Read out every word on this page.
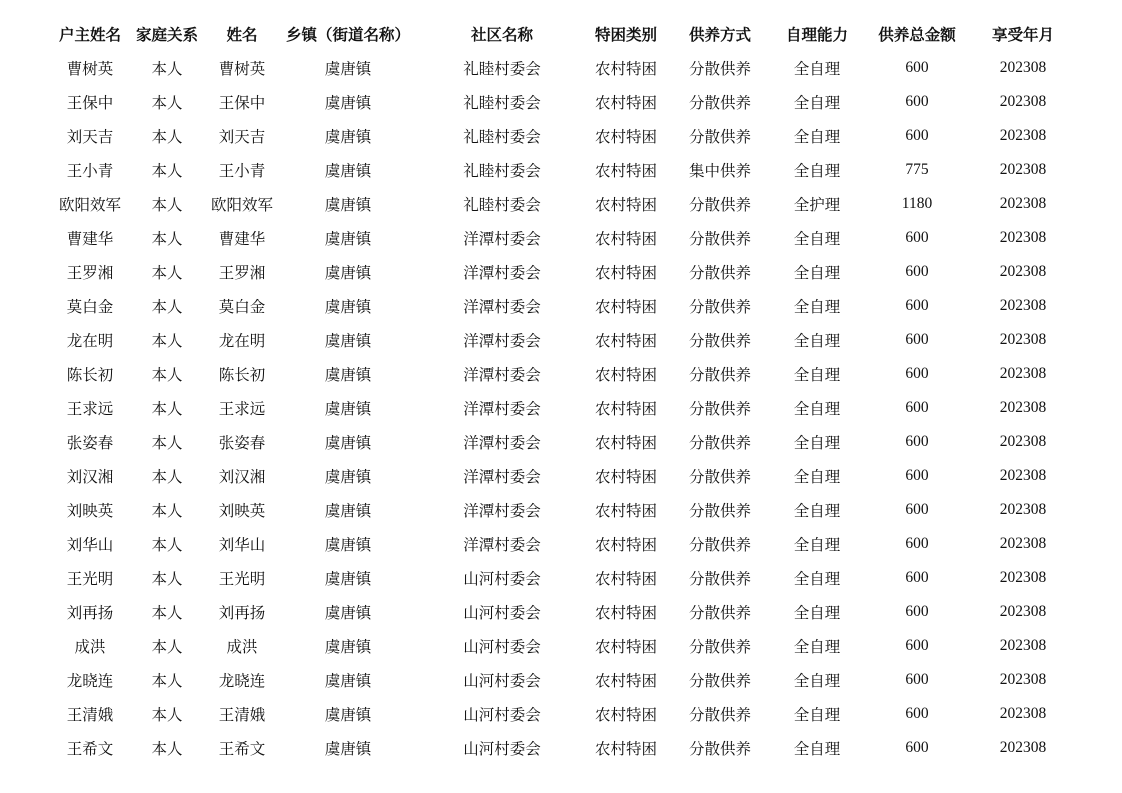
户主姓名	家庭关系	姓名	乡镇（街道名称）	社区名称	特困类别	供养方式	自理能力	供养总金额	享受年月
曹树英	本人	曹树英	虞唐镇	礼睦村委会	农村特困	分散供养	全自理	600	202308
王保中	本人	王保中	虞唐镇	礼睦村委会	农村特困	分散供养	全自理	600	202308
刘天吉	本人	刘天吉	虞唐镇	礼睦村委会	农村特困	分散供养	全自理	600	202308
王小青	本人	王小青	虞唐镇	礼睦村委会	农村特困	集中供养	全自理	775	202308
欧阳效军	本人	欧阳效军	虞唐镇	礼睦村委会	农村特困	分散供养	全护理	1180	202308
曹建华	本人	曹建华	虞唐镇	洋潭村委会	农村特困	分散供养	全自理	600	202308
王罗湘	本人	王罗湘	虞唐镇	洋潭村委会	农村特困	分散供养	全自理	600	202308
莫白金	本人	莫白金	虞唐镇	洋潭村委会	农村特困	分散供养	全自理	600	202308
龙在明	本人	龙在明	虞唐镇	洋潭村委会	农村特困	分散供养	全自理	600	202308
陈长初	本人	陈长初	虞唐镇	洋潭村委会	农村特困	分散供养	全自理	600	202308
王求远	本人	王求远	虞唐镇	洋潭村委会	农村特困	分散供养	全自理	600	202308
张姿春	本人	张姿春	虞唐镇	洋潭村委会	农村特困	分散供养	全自理	600	202308
刘汉湘	本人	刘汉湘	虞唐镇	洋潭村委会	农村特困	分散供养	全自理	600	202308
刘映英	本人	刘映英	虞唐镇	洋潭村委会	农村特困	分散供养	全自理	600	202308
刘华山	本人	刘华山	虞唐镇	洋潭村委会	农村特困	分散供养	全自理	600	202308
王光明	本人	王光明	虞唐镇	山河村委会	农村特困	分散供养	全自理	600	202308
刘再扬	本人	刘再扬	虞唐镇	山河村委会	农村特困	分散供养	全自理	600	202308
成洪	本人	成洪	虞唐镇	山河村委会	农村特困	分散供养	全自理	600	202308
龙晓连	本人	龙晓连	虞唐镇	山河村委会	农村特困	分散供养	全自理	600	202308
王清娥	本人	王清娥	虞唐镇	山河村委会	农村特困	分散供养	全自理	600	202308
王希文	本人	王希文	虞唐镇	山河村委会	农村特困	分散供养	全自理	600	202308
